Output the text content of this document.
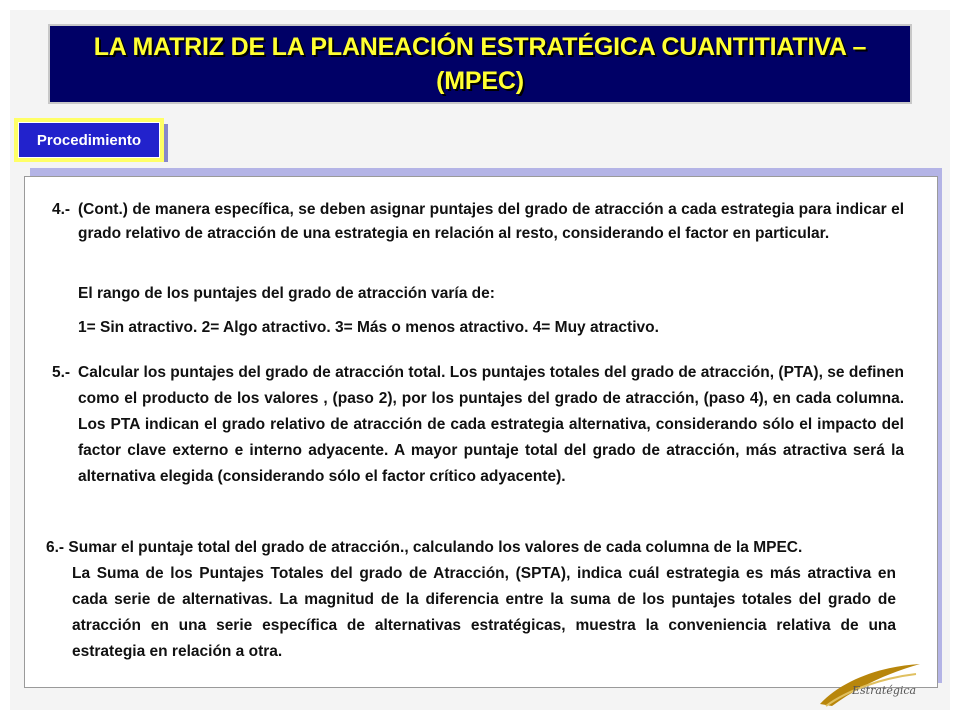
LA MATRIZ DE LA PLANEACIÓN ESTRATÉGICA CUANTITIATIVA –
(MPEC)
Procedimiento
4.- (Cont.) de manera específica, se deben asignar puntajes del grado de atracción a cada estrategia para indicar el grado relativo de atracción de una estrategia en relación al resto, considerando el factor en particular.
El rango de los puntajes del grado de atracción varía de:
1= Sin atractivo. 2= Algo atractivo. 3= Más o menos atractivo. 4= Muy atractivo.
5.- Calcular los puntajes del grado de atracción total. Los puntajes totales del grado de atracción, (PTA), se definen como el producto de los valores , (paso 2), por los puntajes del grado de atracción, (paso 4), en cada columna. Los PTA indican el grado relativo de atracción de cada estrategia alternativa, considerando sólo el impacto del factor clave externo e interno adyacente. A mayor puntaje total del grado de atracción, más atractiva será la alternativa elegida (considerando sólo el factor crítico adyacente).
6.- Sumar el puntaje total del grado de atracción., calculando los valores de cada columna de la MPEC.
La Suma de los Puntajes Totales del grado de Atracción, (SPTA), indica cuál estrategia es más atractiva en cada serie de alternativas. La magnitud de la diferencia entre la suma de los puntajes totales del grado de atracción en una serie específica de alternativas estratégicas, muestra la conveniencia relativa de una estrategia en relación a otra.
Estratégica
